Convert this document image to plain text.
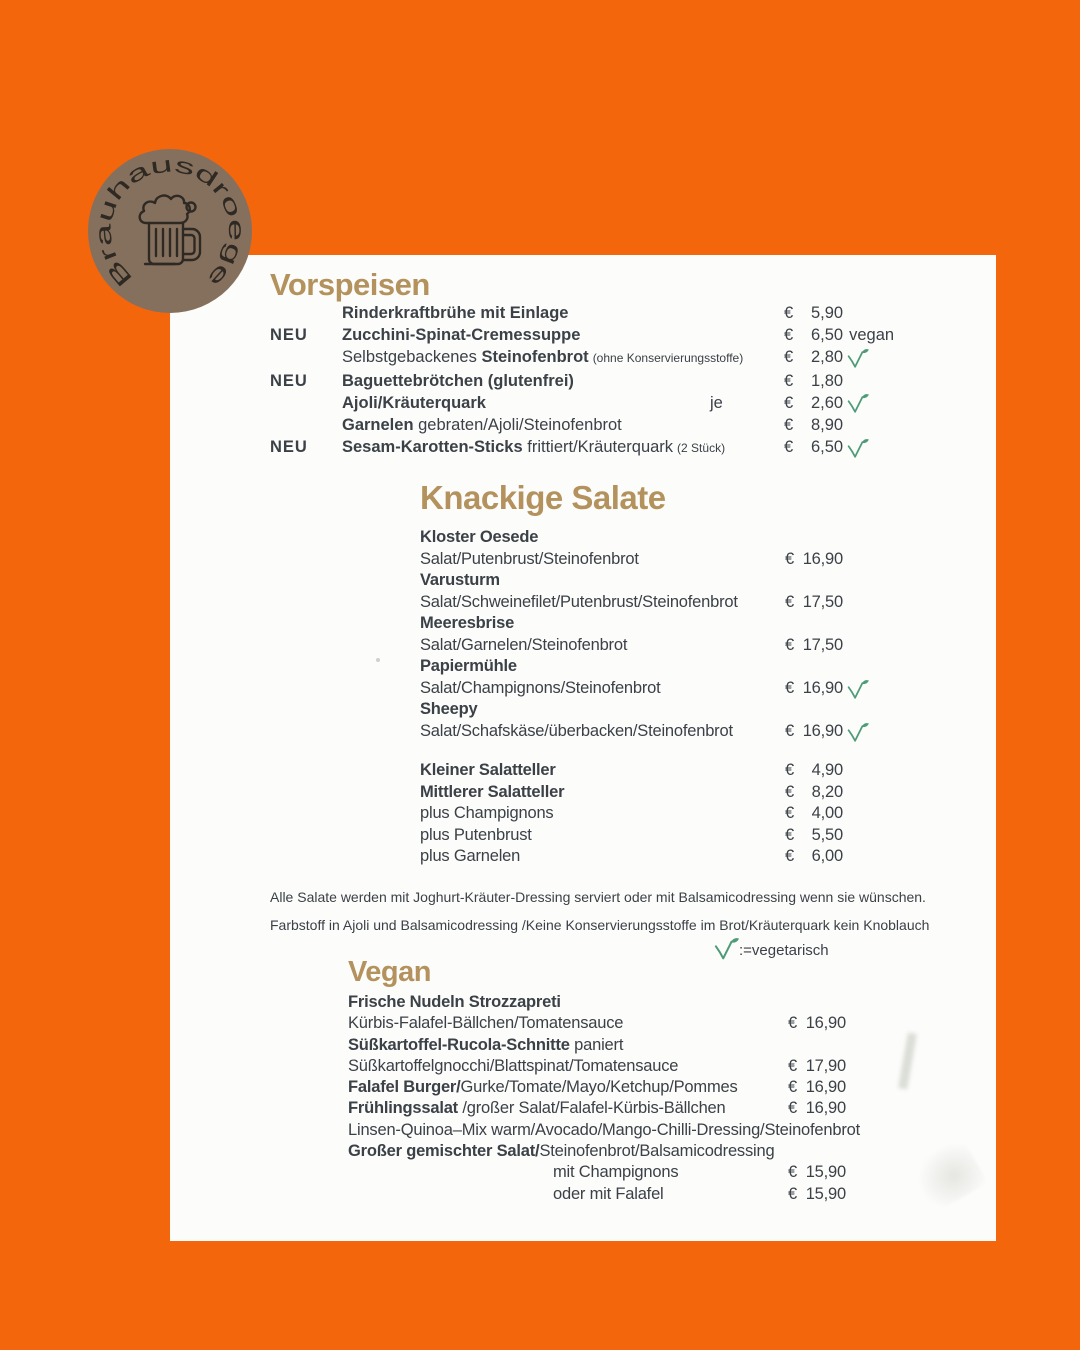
Brauhausdroege	Vorspeisen
Rinderkraftbrühe mit Einlage	€	5,90
NEU	Zucchini-Spinat-Cremessuppe	€	6,50 vegan
Selbstgebackenes Steinofenbrot (ohne Konservierungsstoffe) €	2,80
NEU	Baguettebrötchen (glutenfrei)	€	1,80
Ajoli/Kräuterquark	je	€	2,60
Garnelen gebraten/Ajoli/Steinofenbrot	€	8,90
NEU	Sesam-Karotten-Sticks frittiert/Kräuterquark (2 Stück)	€	6,50
Knackige Salate
Kloster Oesede
Salat/Putenbrust/Steinofenbrot	€ 16,90
Varusturm
Salat/Schweinefilet/Putenbrust/Steinofenbrot	€ 17,50
Meeresbrise
Salat/Garnelen/Steinofenbrot	€ 17,50
Papiermühle
Salat/Champignons/Steinofenbrot	€ 16,90
Sheepy
Salat/Schafskäse/überbacken/Steinofenbrot	€ 16,90
Kleiner Salatteller	€ 4,90
Mittlerer Salatteller	€ 8,20
plus Champignons	€ 4,00
plus Putenbrust	€ 5,50
plus Garnelen	€ 6,00
Alle Salate werden mit Joghurt-Kräuter-Dressing serviert oder mit Balsamicodressing wenn sie wünschen.
Farbstoff in Ajoli und Balsamicodressing /Keine Konservierungsstoffe im Brot/Kräuterquark kein Knoblauch
:=vegetarisch
Vegan
Frische Nudeln Strozzapreti
Kürbis-Falafel-Bällchen/Tomatensauce	€ 16,90
Süßkartoffel-Rucola-Schnitte paniert
Süßkartoffelgnocchi/Blattspinat/Tomatensauce	€ 17,90
Falafel Burger/Gurke/Tomate/Mayo/Ketchup/Pommes	€ 16,90
Frühlingssalat /großer Salat/Falafel-Kürbis-Bällchen	€ 16,90
Linsen-Quinoa–Mix warm/Avocado/Mango-Chilli-Dressing/Steinofenbrot
Großer gemischter Salat/Steinofenbrot/Balsamicodressing
mit Champignons	€ 15,90
oder mit Falafel	€ 15,90
